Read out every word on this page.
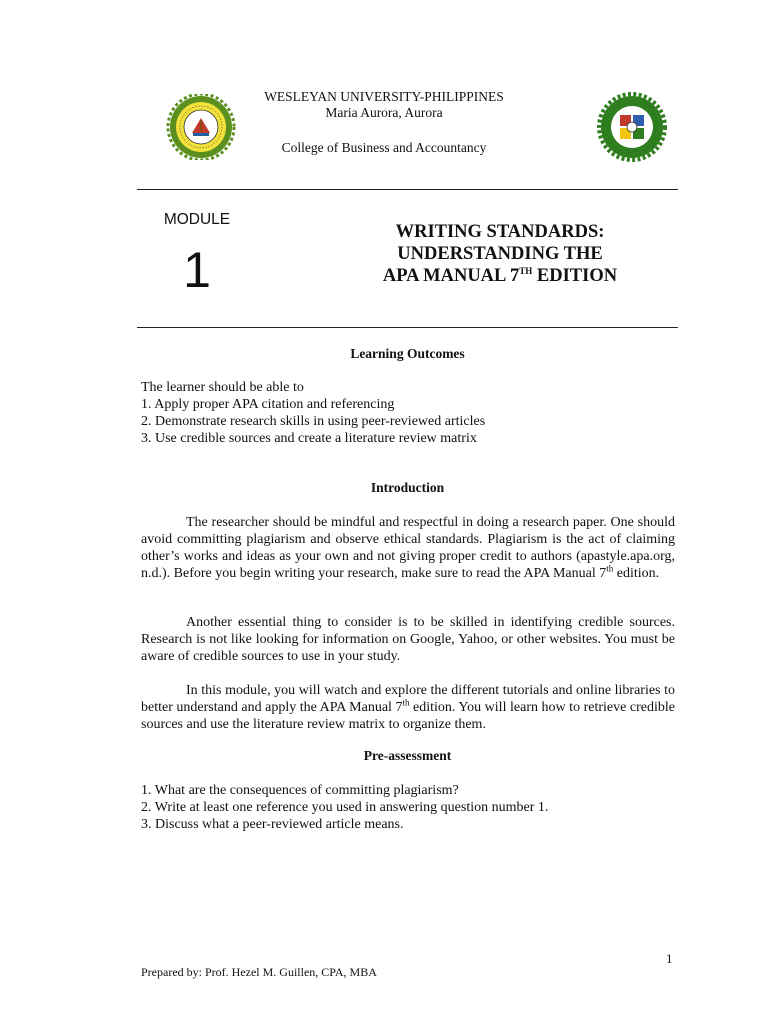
WESLEYAN UNIVERSITY-PHILIPPINES
Maria Aurora, Aurora
College of Business and Accountancy
MODULE
1
WRITING STANDARDS:
UNDERSTANDING THE
APA MANUAL 7TH EDITION
Learning Outcomes
The learner should be able to
1. Apply proper APA citation and referencing
2. Demonstrate research skills in using peer-reviewed articles
3. Use credible sources and create a literature review matrix
Introduction
The researcher should be mindful and respectful in doing a research paper. One should avoid committing plagiarism and observe ethical standards. Plagiarism is the act of claiming other’s works and ideas as your own and not giving proper credit to authors (apastyle.apa.org, n.d.). Before you begin writing your research, make sure to read the APA Manual 7th edition.
Another essential thing to consider is to be skilled in identifying credible sources. Research is not like looking for information on Google, Yahoo, or other websites. You must be aware of credible sources to use in your study.
In this module, you will watch and explore the different tutorials and online libraries to better understand and apply the APA Manual 7th edition. You will learn how to retrieve credible sources and use the literature review matrix to organize them.
Pre-assessment
1. What are the consequences of committing plagiarism?
2. Write at least one reference you used in answering question number 1.
3. Discuss what a peer-reviewed article means.
1
Prepared by: Prof. Hezel M. Guillen, CPA, MBA
